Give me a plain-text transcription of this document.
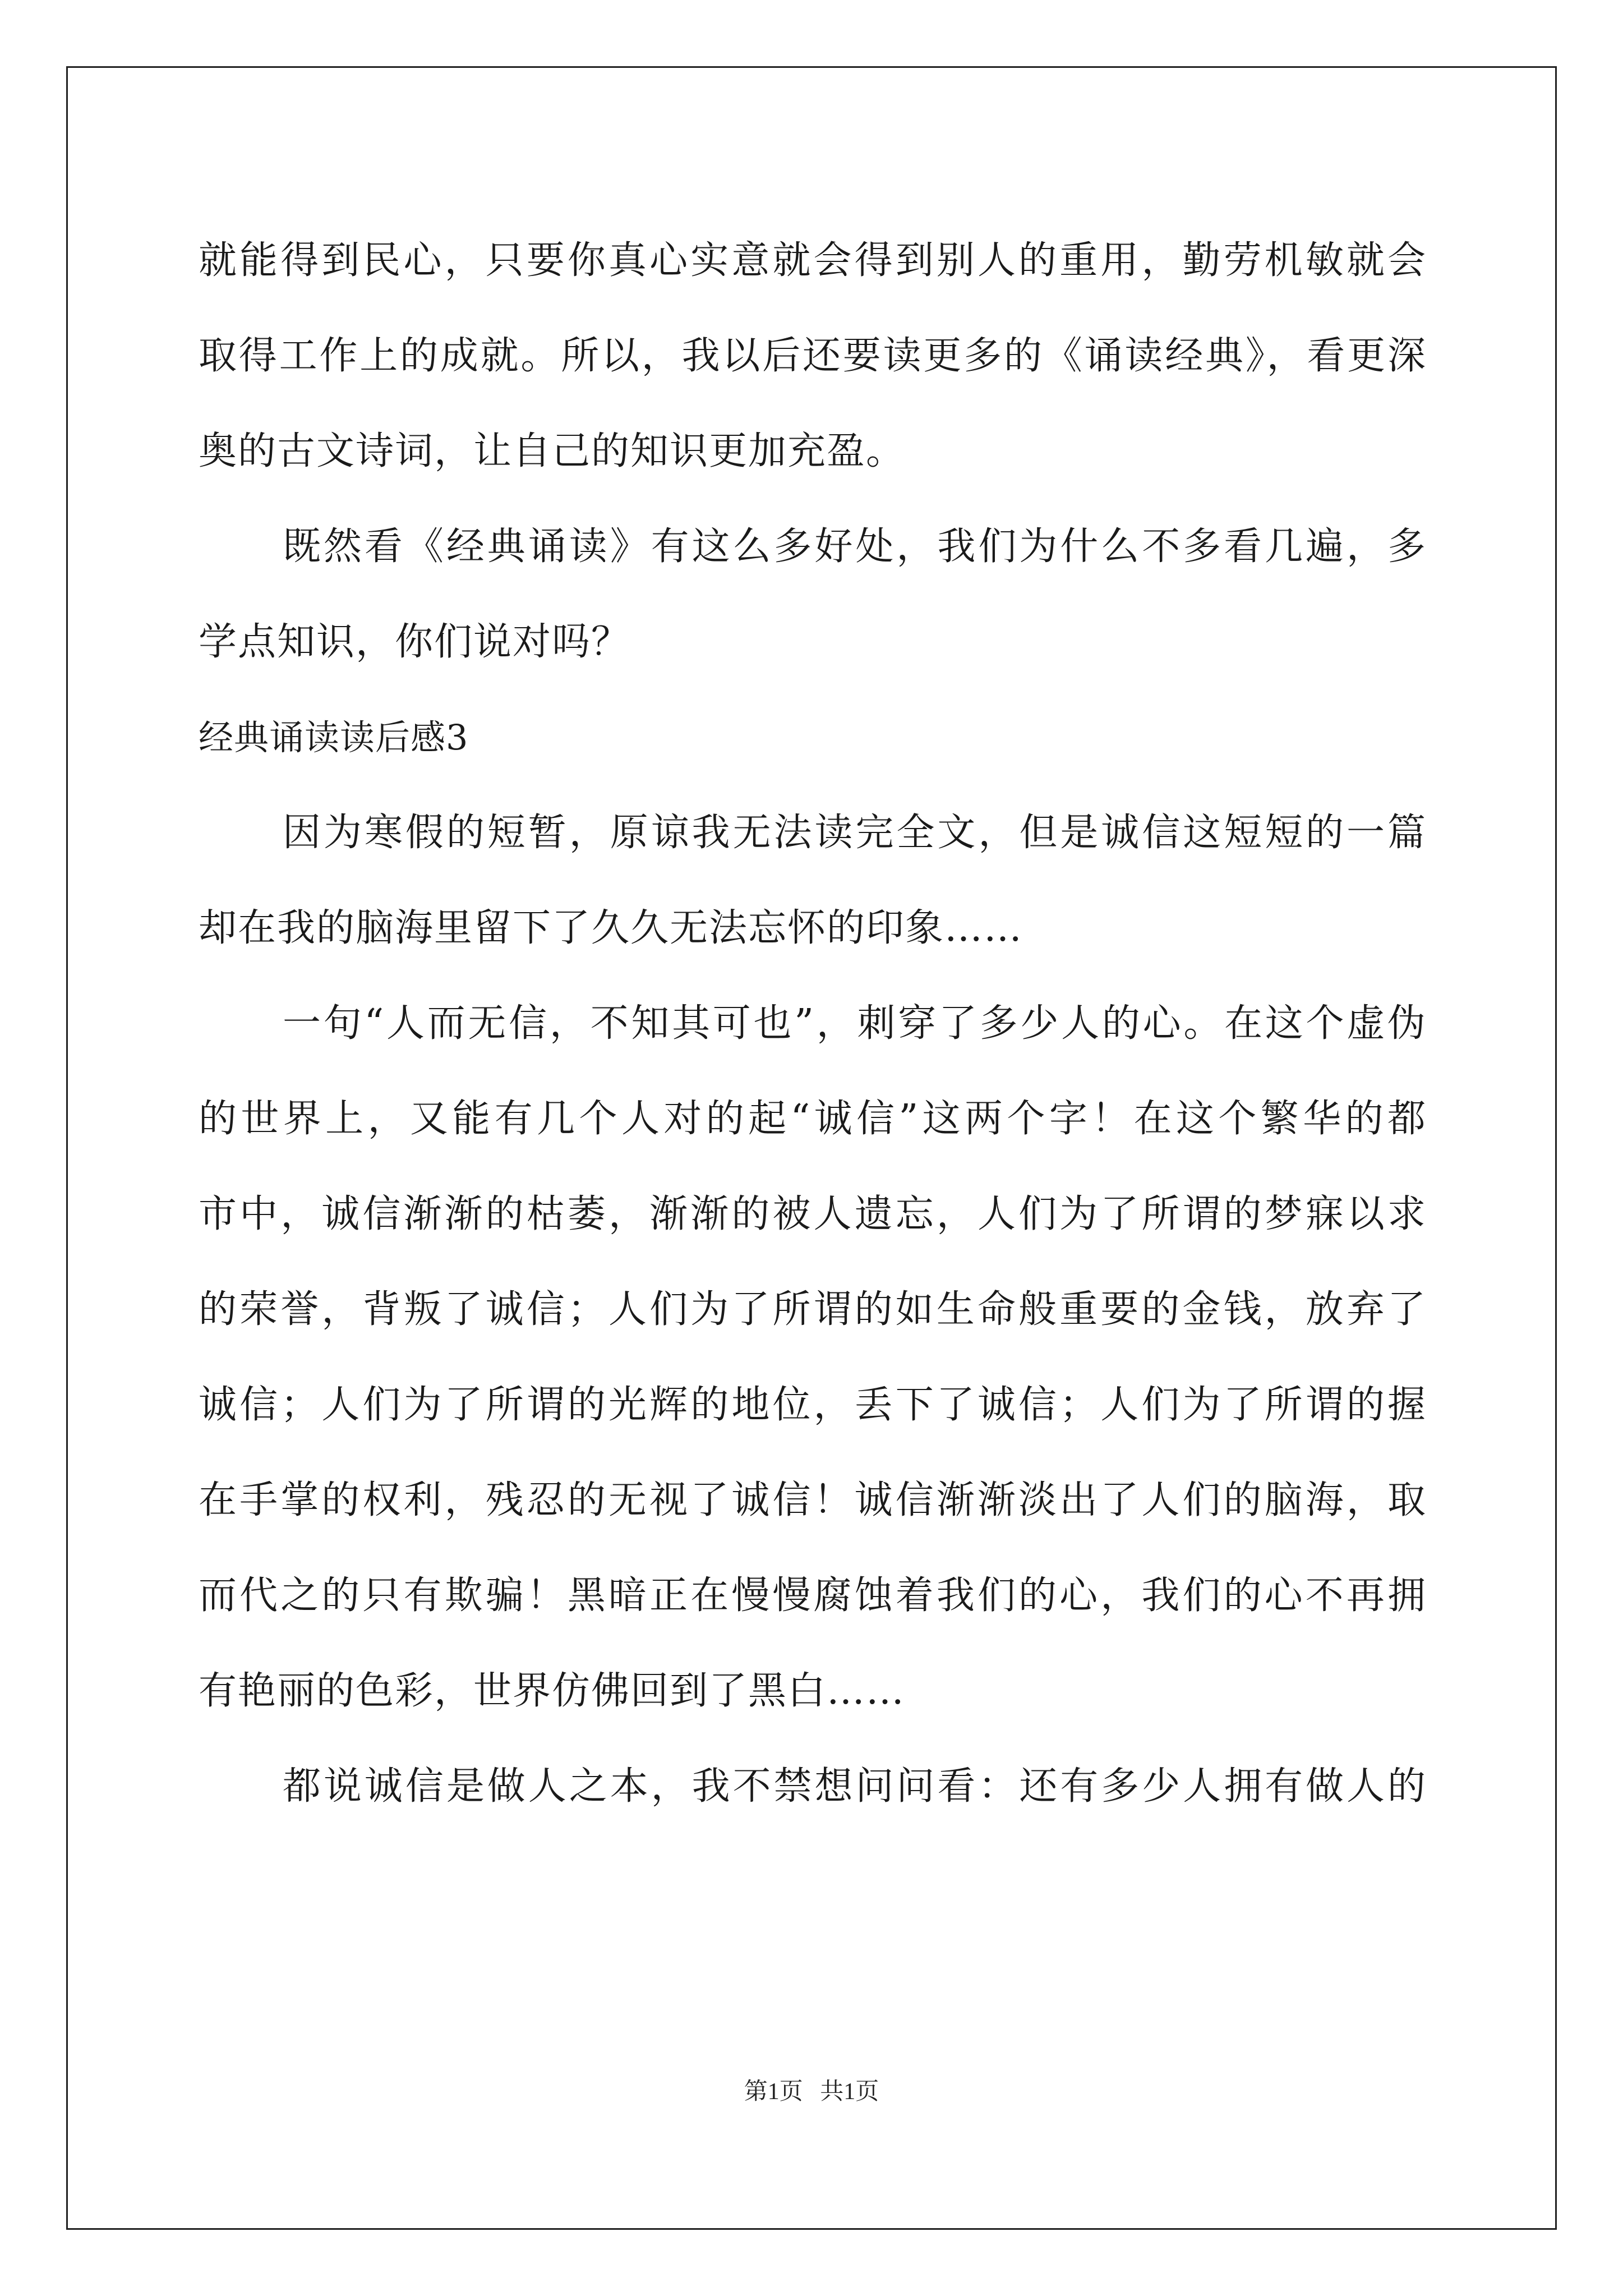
就能得到民心，只要你真心实意就会得到别人的重用，勤劳机敏就会
取得工作上的成就。所以，我以后还要读更多的《诵读经典》，看更深
奥的古文诗词，让自己的知识更加充盈。
既然看《经典诵读》有这么多好处，我们为什么不多看几遍，多
学点知识，你们说对吗？
经典诵读读后感3
因为寒假的短暂，原谅我无法读完全文，但是诚信这短短的一篇
却在我的脑海里留下了久久无法忘怀的印象……
一句“人而无信，不知其可也”，刺穿了多少人的心。在这个虚伪
的世界上，又能有几个人对的起“诚信”这两个字！在这个繁华的都
市中，诚信渐渐的枯萎，渐渐的被人遗忘，人们为了所谓的梦寐以求
的荣誉，背叛了诚信；人们为了所谓的如生命般重要的金钱，放弃了
诚信；人们为了所谓的光辉的地位，丢下了诚信；人们为了所谓的握
在手掌的权利，残忍的无视了诚信！诚信渐渐淡出了人们的脑海，取
而代之的只有欺骗！黑暗正在慢慢腐蚀着我们的心，我们的心不再拥
有艳丽的色彩，世界仿佛回到了黑白……
都说诚信是做人之本，我不禁想问问看：还有多少人拥有做人的
第1页 共1页
